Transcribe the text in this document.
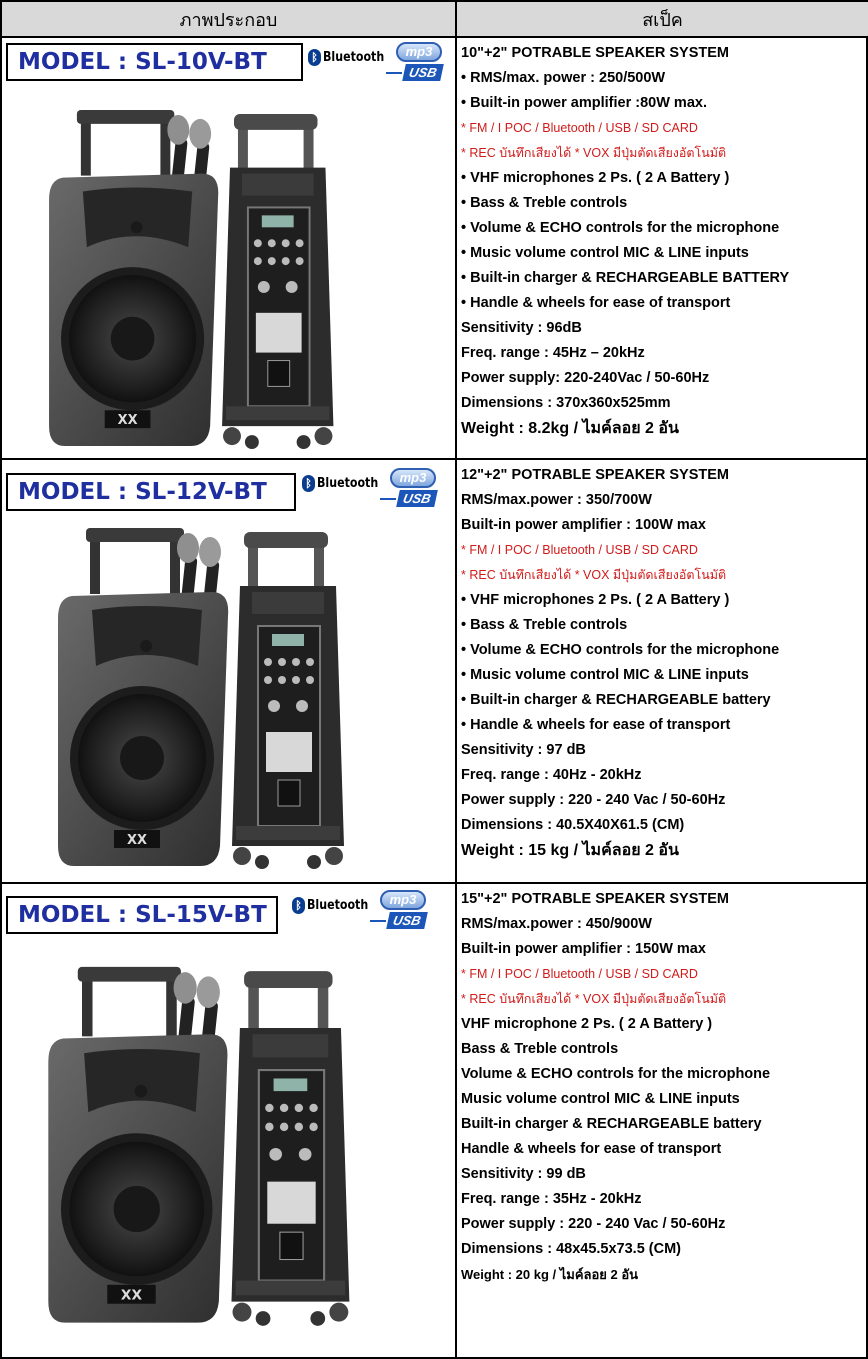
ภาพประกอบ	สเป็ค
MODEL : SL-10V-BT	ᛒ Bluetooth	mp3
USB
XX
10"+2" POTRABLE SPEAKER SYSTEM
• RMS/max. power : 250/500W
• Built-in power amplifier :80W max.
* FM / I POC / Bluetooth / USB / SD CARD
* REC บันทึกเสียงได้ * VOX มีปุ่มตัดเสียงอัตโนมัติ
• VHF microphones 2 Ps. ( 2 A Battery )
• Bass & Treble controls
• Volume & ECHO controls for the microphone
• Music volume control MIC & LINE inputs
• Built-in charger & RECHARGEABLE BATTERY
• Handle & wheels for ease of transport
Sensitivity : 96dB
Freq. range : 45Hz – 20kHz
Power supply: 220-240Vac / 50-60Hz
Dimensions : 370x360x525mm
Weight : 8.2kg / ไมค์ลอย 2 อัน
MODEL : SL-12V-BT	ᛒ Bluetooth	mp3
USB
XX
12"+2" POTRABLE SPEAKER SYSTEM
RMS/max.power : 350/700W
Built-in power amplifier : 100W max
* FM / I POC / Bluetooth / USB / SD CARD
* REC บันทึกเสียงได้ * VOX มีปุ่มตัดเสียงอัตโนมัติ
• VHF microphones 2 Ps. ( 2 A Battery )
• Bass & Treble controls
• Volume & ECHO controls for the microphone
• Music volume control MIC & LINE inputs
• Built-in charger & RECHARGEABLE battery
• Handle & wheels for ease of transport
Sensitivity : 97 dB
Freq. range : 40Hz - 20kHz
Power supply : 220 - 240 Vac / 50-60Hz
Dimensions : 40.5X40X61.5 (CM)
Weight : 15 kg / ไมค์ลอย 2 อัน
MODEL : SL-15V-BT	ᛒ Bluetooth	mp3
USB
XX
15"+2" POTRABLE SPEAKER SYSTEM
RMS/max.power : 450/900W
Built-in power amplifier : 150W max
* FM / I POC / Bluetooth / USB / SD CARD
* REC บันทึกเสียงได้ * VOX มีปุ่มตัดเสียงอัตโนมัติ
VHF microphone 2 Ps. ( 2 A Battery )
Bass & Treble controls
Volume & ECHO controls for the microphone
Music volume control MIC & LINE inputs
Built-in charger & RECHARGEABLE battery
Handle & wheels for ease of transport
Sensitivity : 99 dB
Freq. range : 35Hz - 20kHz
Power supply : 220 - 240 Vac / 50-60Hz
Dimensions : 48x45.5x73.5 (CM)
Weight : 20 kg / ไมค์ลอย 2 อัน
